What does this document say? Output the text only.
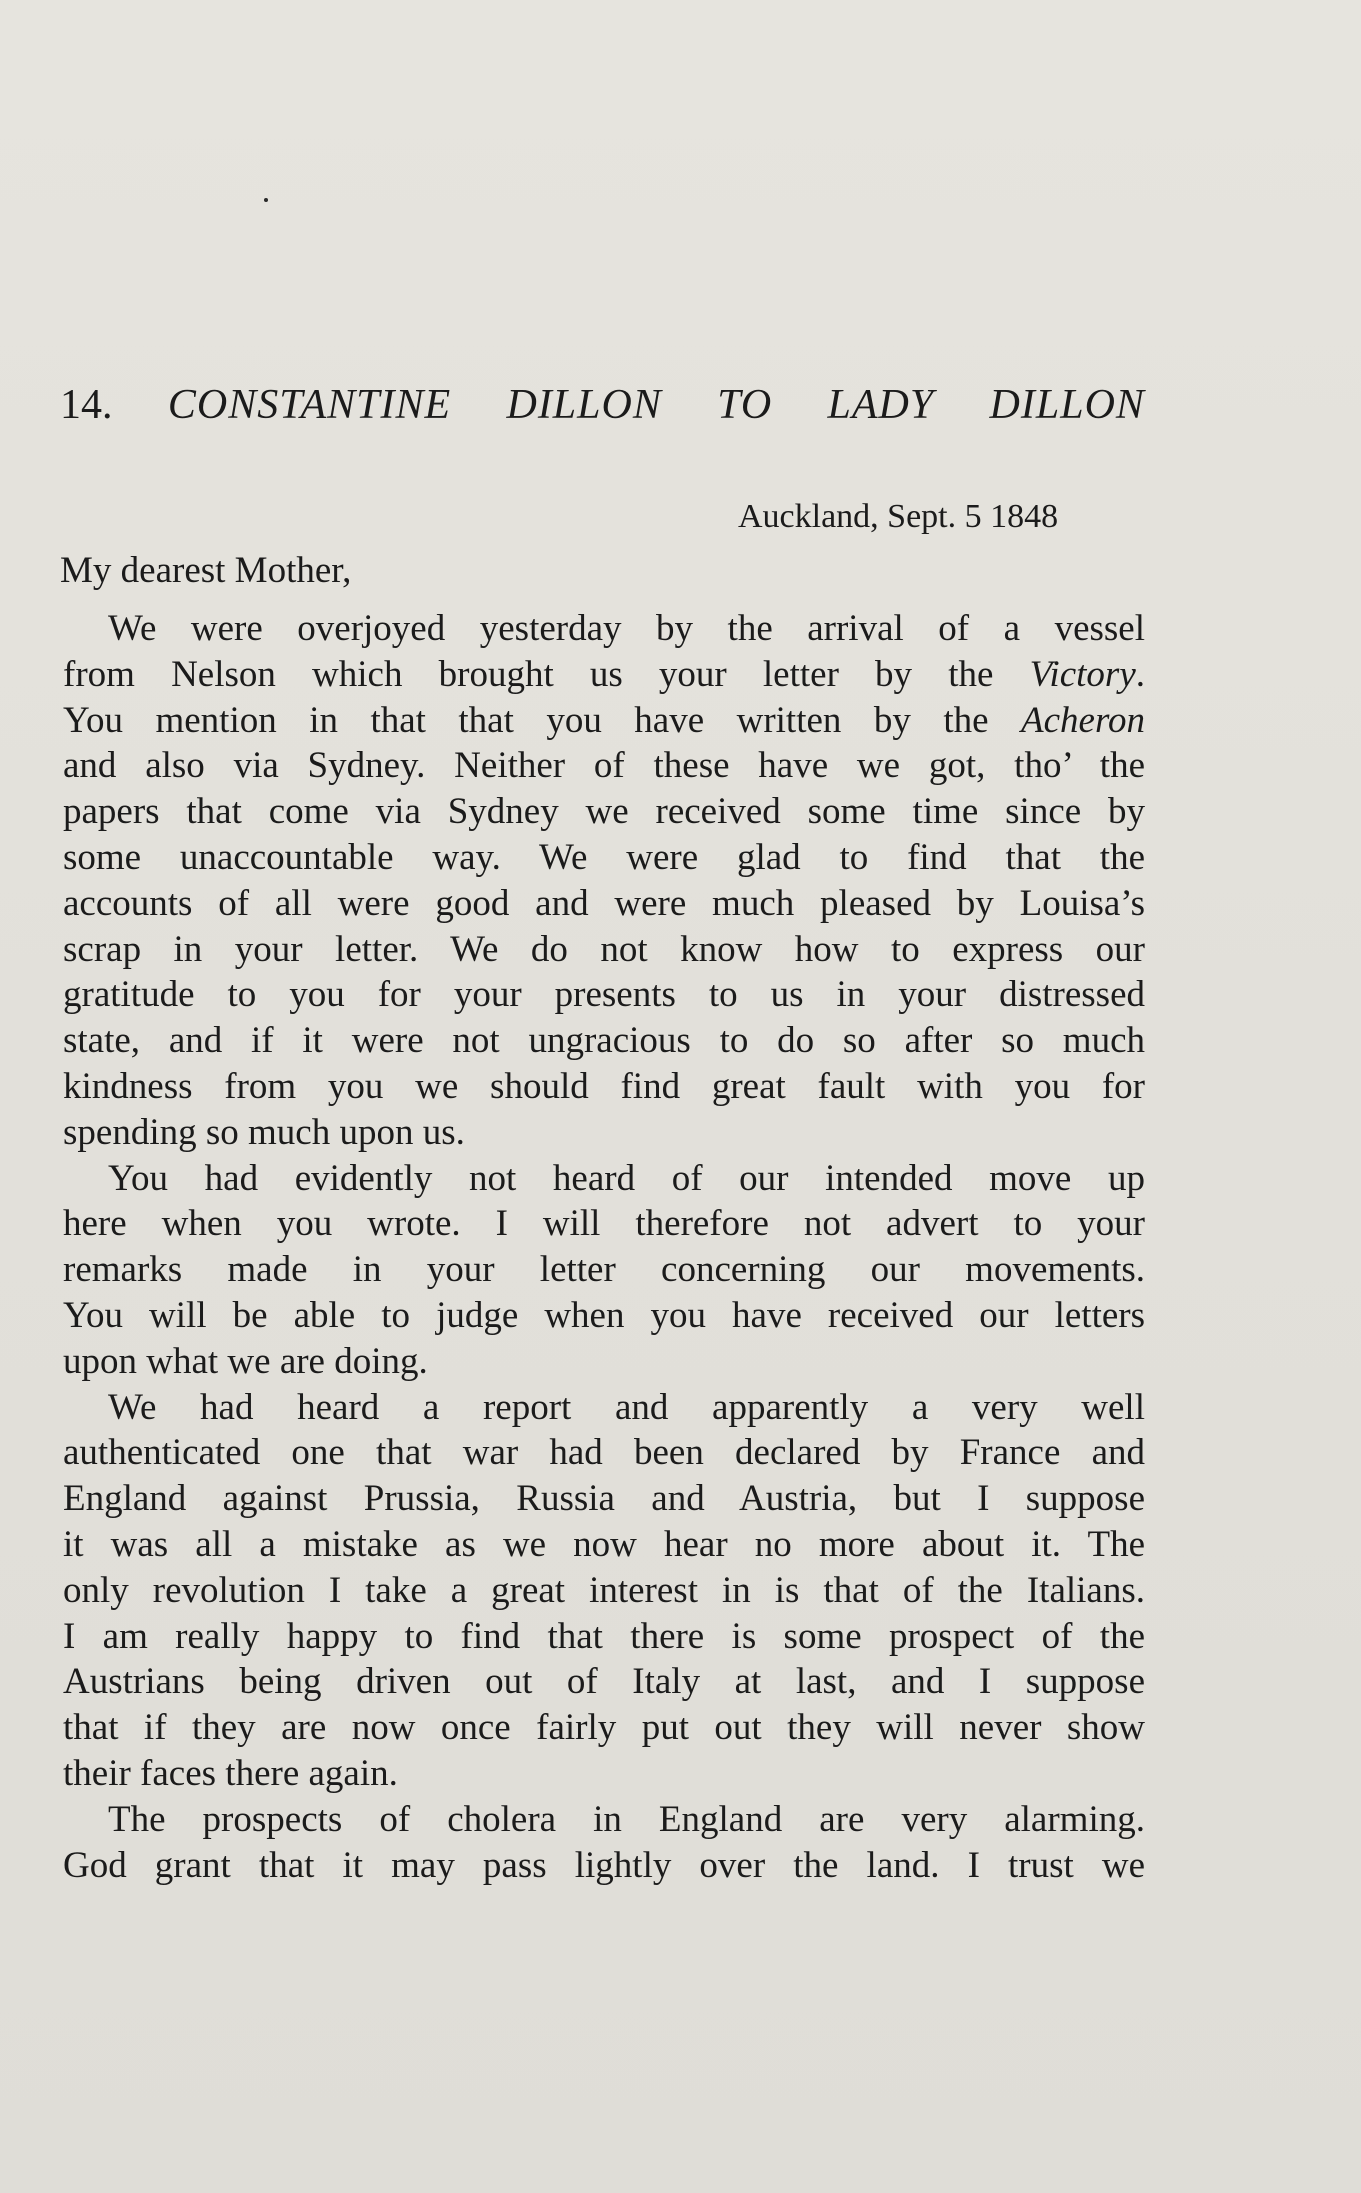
14. CONSTANTINE DILLON TO LADY DILLON
Auckland, Sept. 5 1848
My dearest Mother,
We were overjoyed yesterday by the arrival of a vessel
from Nelson which brought us your letter by the Victory.
You mention in that that you have written by the Acheron
and also via Sydney. Neither of these have we got, tho’ the
papers that come via Sydney we received some time since by
some unaccountable way. We were glad to find that the
accounts of all were good and were much pleased by Louisa’s
scrap in your letter. We do not know how to express our
gratitude to you for your presents to us in your distressed
state, and if it were not ungracious to do so after so much
kindness from you we should find great fault with you for
spending so much upon us.
You had evidently not heard of our intended move up
here when you wrote. I will therefore not advert to your
remarks made in your letter concerning our movements.
You will be able to judge when you have received our letters
upon what we are doing.
We had heard a report and apparently a very well
authenticated one that war had been declared by France and
England against Prussia, Russia and Austria, but I suppose
it was all a mistake as we now hear no more about it. The
only revolution I take a great interest in is that of the Italians.
I am really happy to find that there is some prospect of the
Austrians being driven out of Italy at last, and I suppose
that if they are now once fairly put out they will never show
their faces there again.
The prospects of cholera in England are very alarming.
God grant that it may pass lightly over the land. I trust we
